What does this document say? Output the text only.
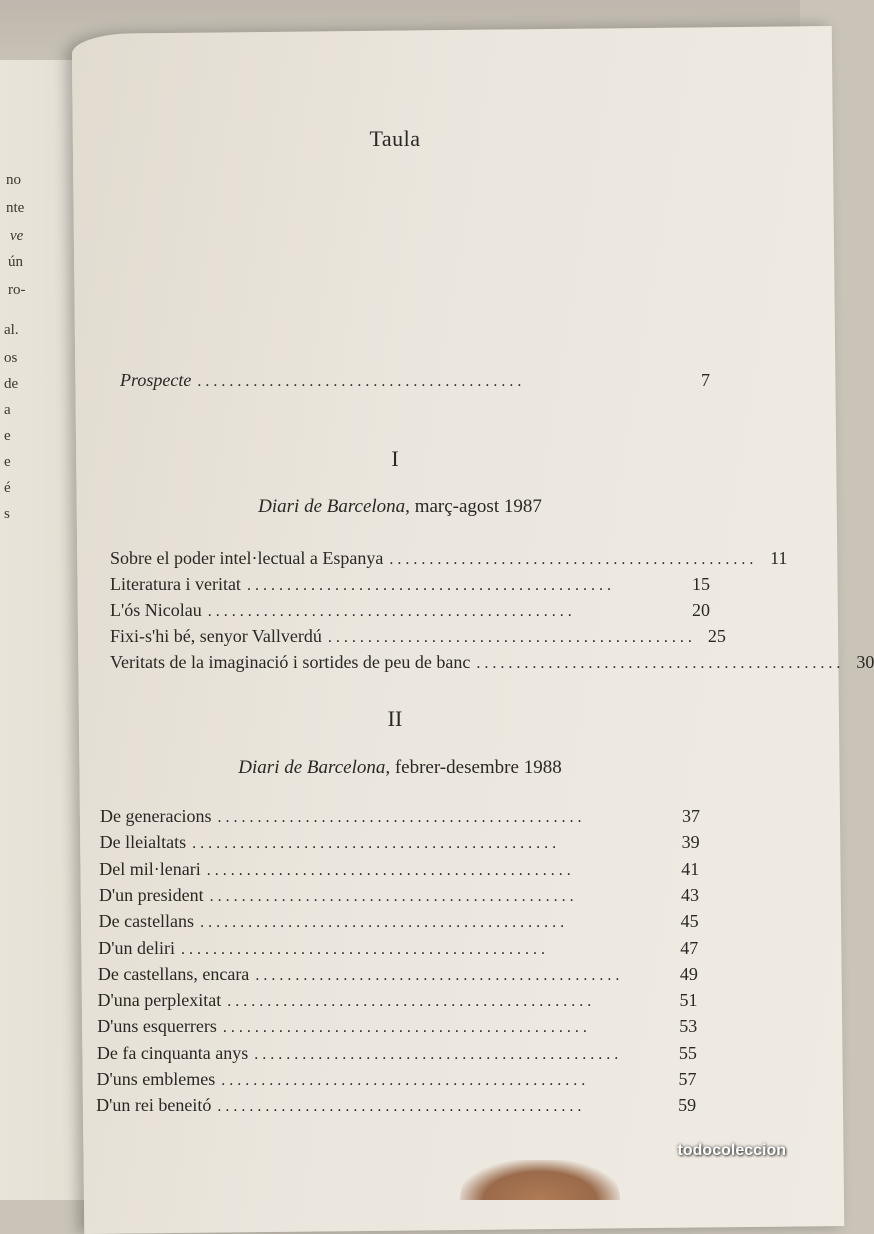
no
nte
ve
ún
ro-
al.
os
de
a
e
e
é
s
Taula
Prospecte . . . . . . . . . . . . . . . . . . . . . . . . . . . . . . . . . . . . . . . . .	7
I
Diari de Barcelona, març-agost 1987
Sobre el poder intel·lectual a Espanya . . . . . . . . . . . . . . . . . . . . . . . . . . . . . . . . . . . . . . . . . . . . . . 11
Literatura i veritat . . . . . . . . . . . . . . . . . . . . . . . . . . . . . . . . . . . . . . . . . . . . . .	15
L'ós Nicolau . . . . . . . . . . . . . . . . . . . . . . . . . . . . . . . . . . . . . . . . . . . . . .	20
Fixi-s'hi bé, senyor Vallverdú . . . . . . . . . . . . . . . . . . . . . . . . . . . . . . . . . . . . . . . . . . . . . . 25
Veritats de la imaginació i sortides de peu de banc . . . . . . . . . . . . . . . . . . . . . . . . . . . . . . . . . . . . . . . . . . . . . . 30
II
Diari de Barcelona, febrer-desembre 1988
De generacions . . . . . . . . . . . . . . . . . . . . . . . . . . . . . . . . . . . . . . . . . . . . . .	37
De lleialtats . . . . . . . . . . . . . . . . . . . . . . . . . . . . . . . . . . . . . . . . . . . . . .	39
Del mil·lenari . . . . . . . . . . . . . . . . . . . . . . . . . . . . . . . . . . . . . . . . . . . . . .	41
D'un president . . . . . . . . . . . . . . . . . . . . . . . . . . . . . . . . . . . . . . . . . . . . . .	43
De castellans . . . . . . . . . . . . . . . . . . . . . . . . . . . . . . . . . . . . . . . . . . . . . .	45
D'un deliri . . . . . . . . . . . . . . . . . . . . . . . . . . . . . . . . . . . . . . . . . . . . . .	47
De castellans, encara . . . . . . . . . . . . . . . . . . . . . . . . . . . . . . . . . . . . . . . . . . . . . .	49
D'una perplexitat . . . . . . . . . . . . . . . . . . . . . . . . . . . . . . . . . . . . . . . . . . . . . .	51
D'uns esquerrers . . . . . . . . . . . . . . . . . . . . . . . . . . . . . . . . . . . . . . . . . . . . . .	53
De fa cinquanta anys . . . . . . . . . . . . . . . . . . . . . . . . . . . . . . . . . . . . . . . . . . . . . .	55
D'uns emblemes . . . . . . . . . . . . . . . . . . . . . . . . . . . . . . . . . . . . . . . . . . . . . .	57
D'un rei beneitó . . . . . . . . . . . . . . . . . . . . . . . . . . . . . . . . . . . . . . . . . . . . . .	59
todocoleccion
